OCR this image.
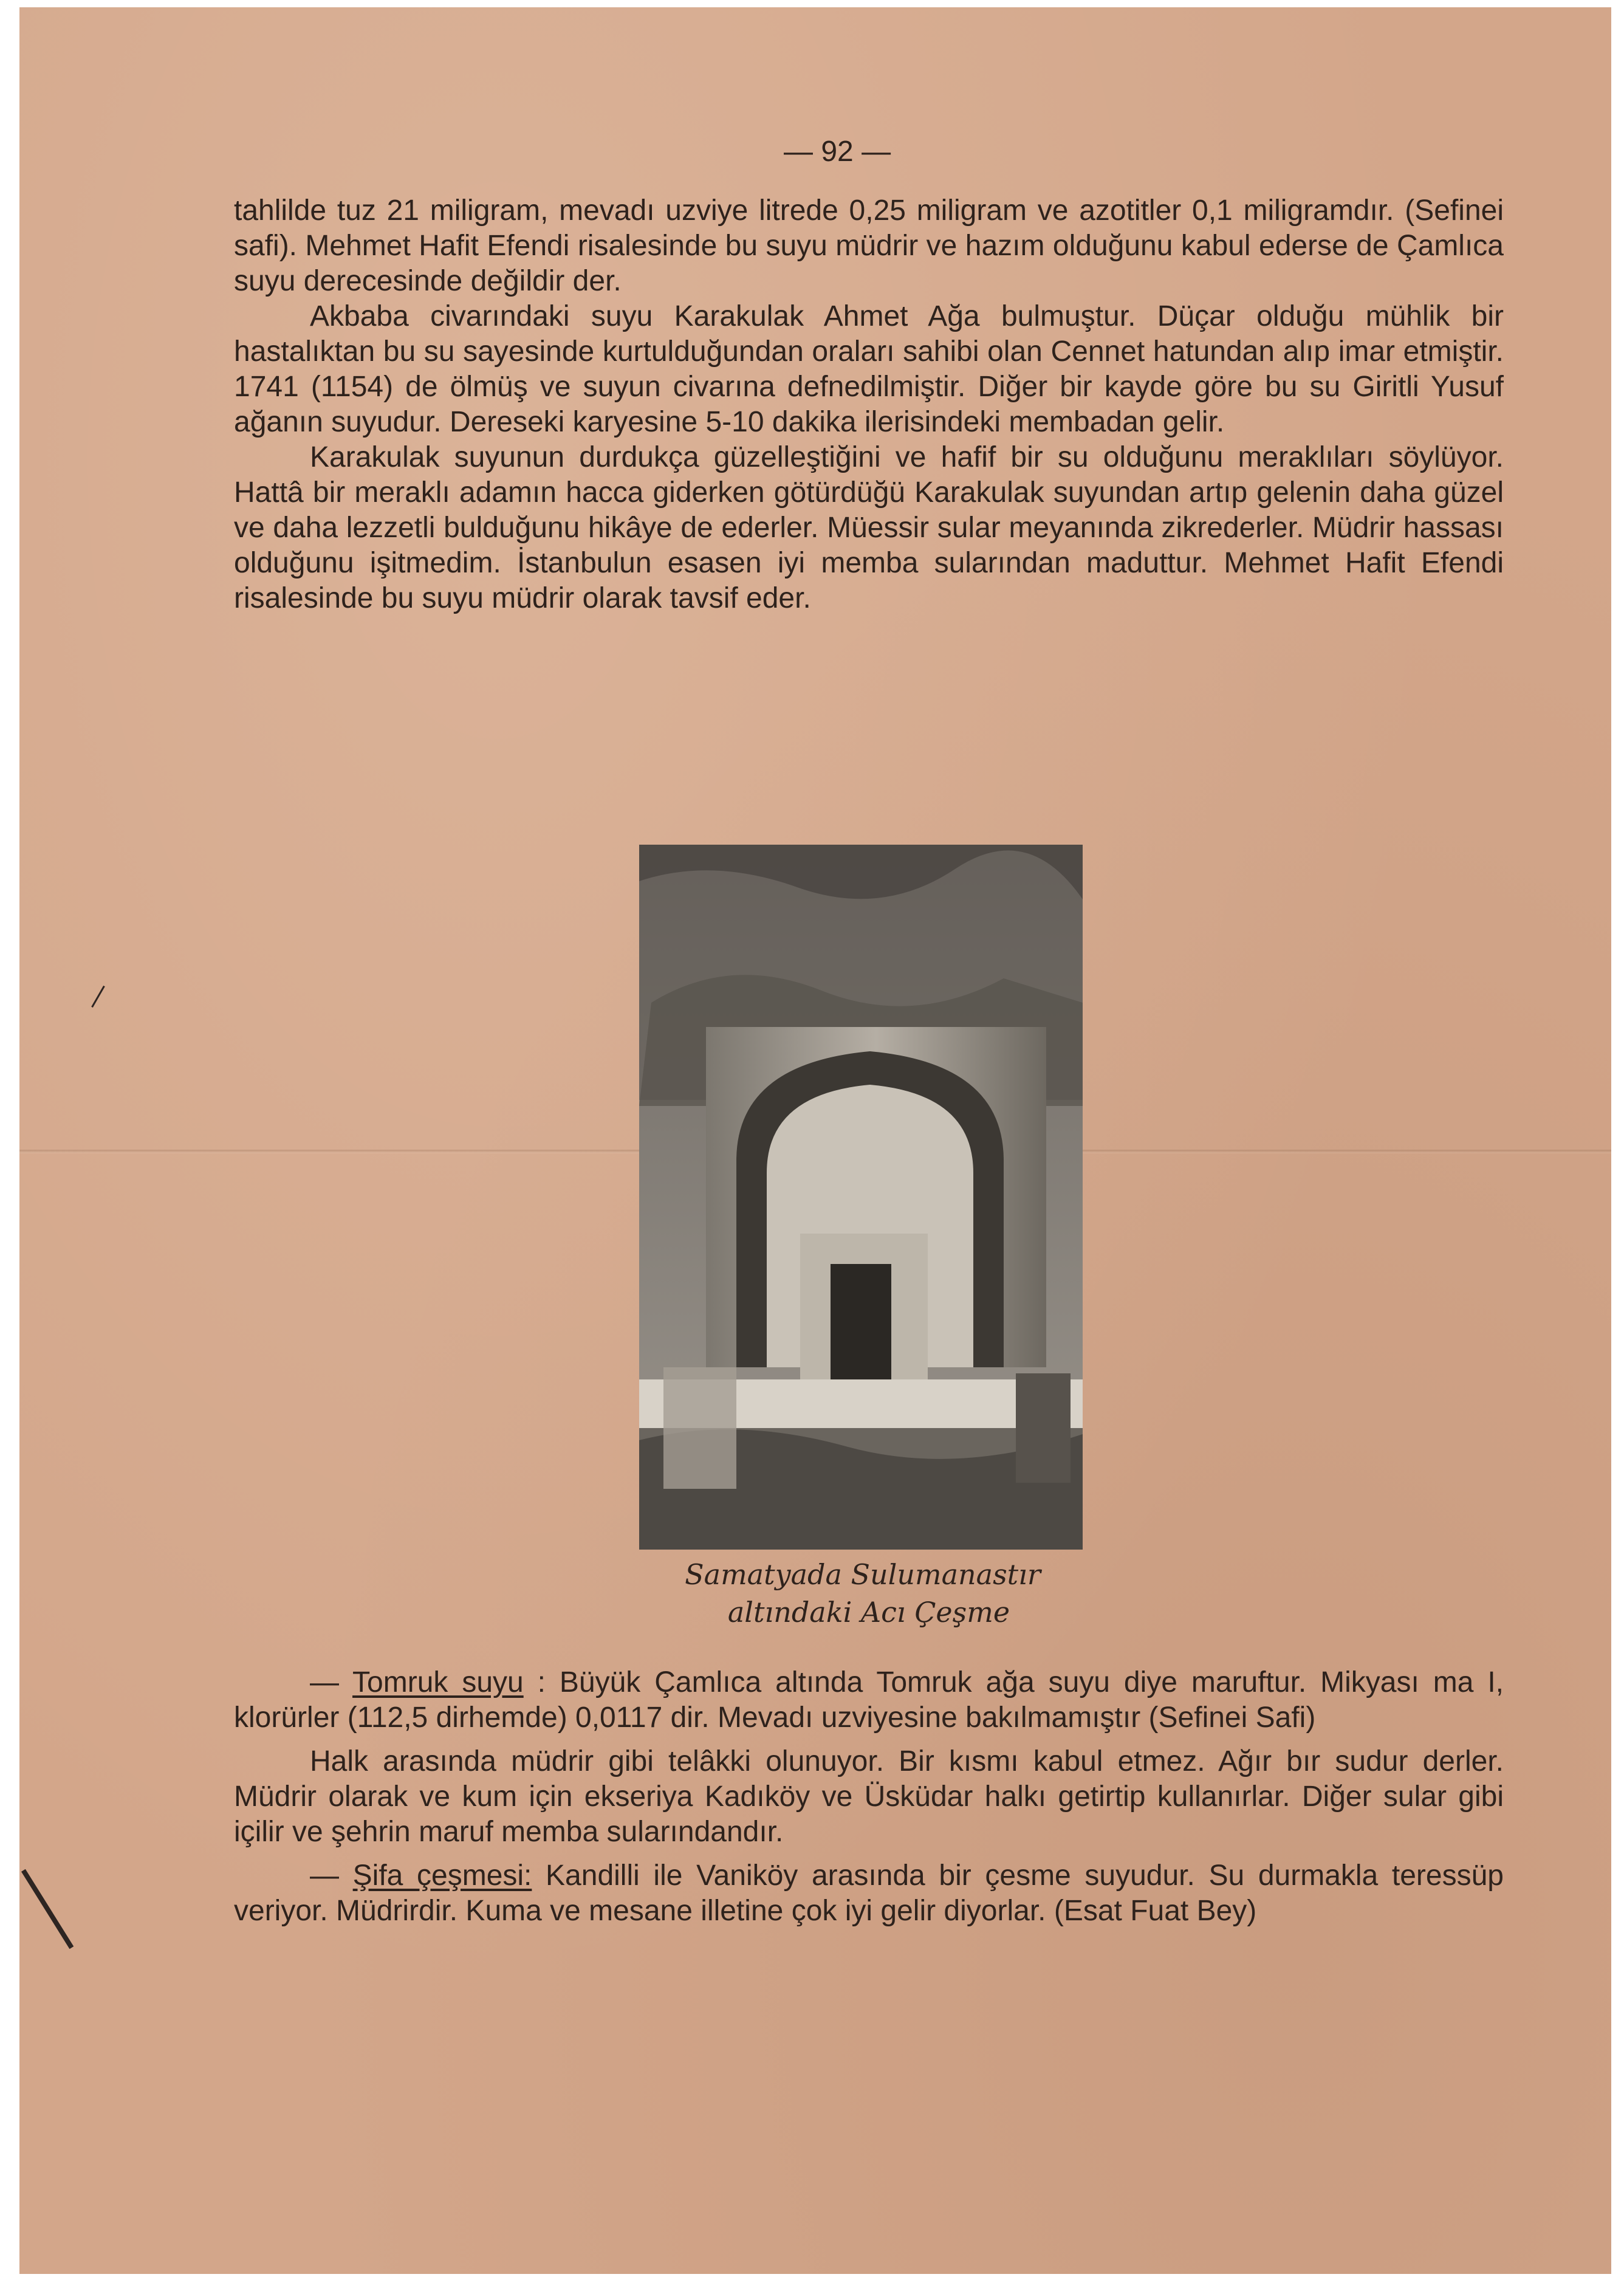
— 92 —

tahlilde tuz 21 miligram, mevadı uzviye litrede 0,25 miligram ve azotitler 0,1 miligramdır. (Sefinei safi). Mehmet Hafit Efendi risalesinde bu suyu müdrir ve hazım olduğunu kabul ederse de Çamlıca suyu derecesinde değildir der.

Akbaba civarındaki suyu Karakulak Ahmet Ağa bulmuştur. Düçar olduğu mühlik bir hastalıktan bu su sayesinde kurtulduğundan oraları sahibi olan Cennet hatundan alıp imar etmiştir. 1741 (1154) de ölmüş ve suyun civarına defnedilmiştir. Diğer bir kayde göre bu su Giritli Yusuf ağanın suyudur. Dereseki karyesine 5-10 dakika ilerisindeki membadan gelir.

Karakulak suyunun durdukça güzelleştiğini ve hafif bir su olduğunu meraklıları söylüyor. Hattâ bir meraklı adamın hacca giderken götürdüğü Karakulak suyundan artıp gelenin daha güzel ve daha lezzetli bulduğunu hikâye de ederler. Müessir sular meyanında zikrederler. Müdrir hassası olduğunu işitmedim. İstanbulun esasen iyi memba sularından maduttur. Mehmet Hafit Efendi risalesinde bu suyu müdrir olarak tavsif eder.

Samatyada Sulumanastır
altındaki Acı Çeşme

— Tomruk suyu : Büyük Çamlıca altında Tomruk ağa suyu diye maruftur. Mikyası ma I, klorürler (112,5 dirhemde) 0,0117 dir. Mevadı uzviyesine bakılmamıştır (Sefinei Safi)

Halk arasında müdrir gibi telâkki olunuyor. Bir kısmı kabul etmez. Ağır bır sudur derler. Müdrir olarak ve kum için ekseriya Kadıköy ve Üsküdar halkı getirtip kullanırlar. Diğer sular gibi içilir ve şehrin maruf memba sularındandır.

— Şifa çeşmesi: Kandilli ile Vaniköy arasında bir çesme suyudur. Su durmakla teressüp veriyor. Müdrirdir. Kuma ve mesane illetine çok iyi gelir diyorlar. (Esat Fuat Bey)
